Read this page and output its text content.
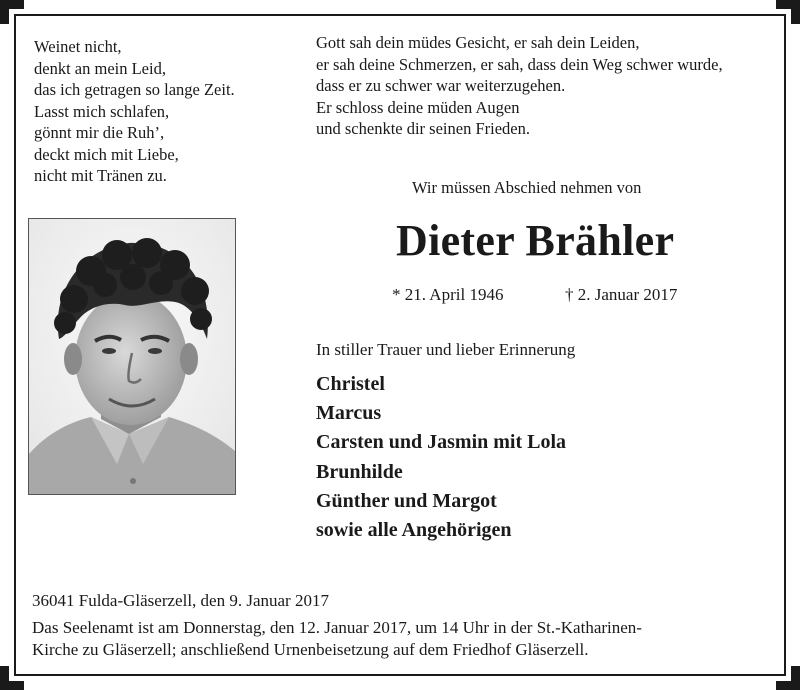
Weinet nicht,
denkt an mein Leid,
das ich getragen so lange Zeit.
Lasst mich schlafen,
gönnt mir die Ruh’,
deckt mich mit Liebe,
nicht mit Tränen zu.
Gott sah dein müdes Gesicht, er sah dein Leiden,
er sah deine Schmerzen, er sah, dass dein Weg schwer wurde,
dass er zu schwer war weiterzugehen.
Er schloss deine müden Augen
und schenkte dir seinen Frieden.
Wir müssen Abschied nehmen von
Dieter Brähler
* 21. April 1946	† 2. Januar 2017
In stiller Trauer und lieber Erinnerung
Christel
Marcus
Carsten und Jasmin mit Lola
Brunhilde
Günther und Margot
sowie alle Angehörigen
36041 Fulda-Gläserzell, den 9. Januar 2017
Das Seelenamt ist am Donnerstag, den 12. Januar 2017, um 14 Uhr in der St.-Katharinen-
Kirche zu Gläserzell; anschließend Urnenbeisetzung auf dem Friedhof Gläserzell.
